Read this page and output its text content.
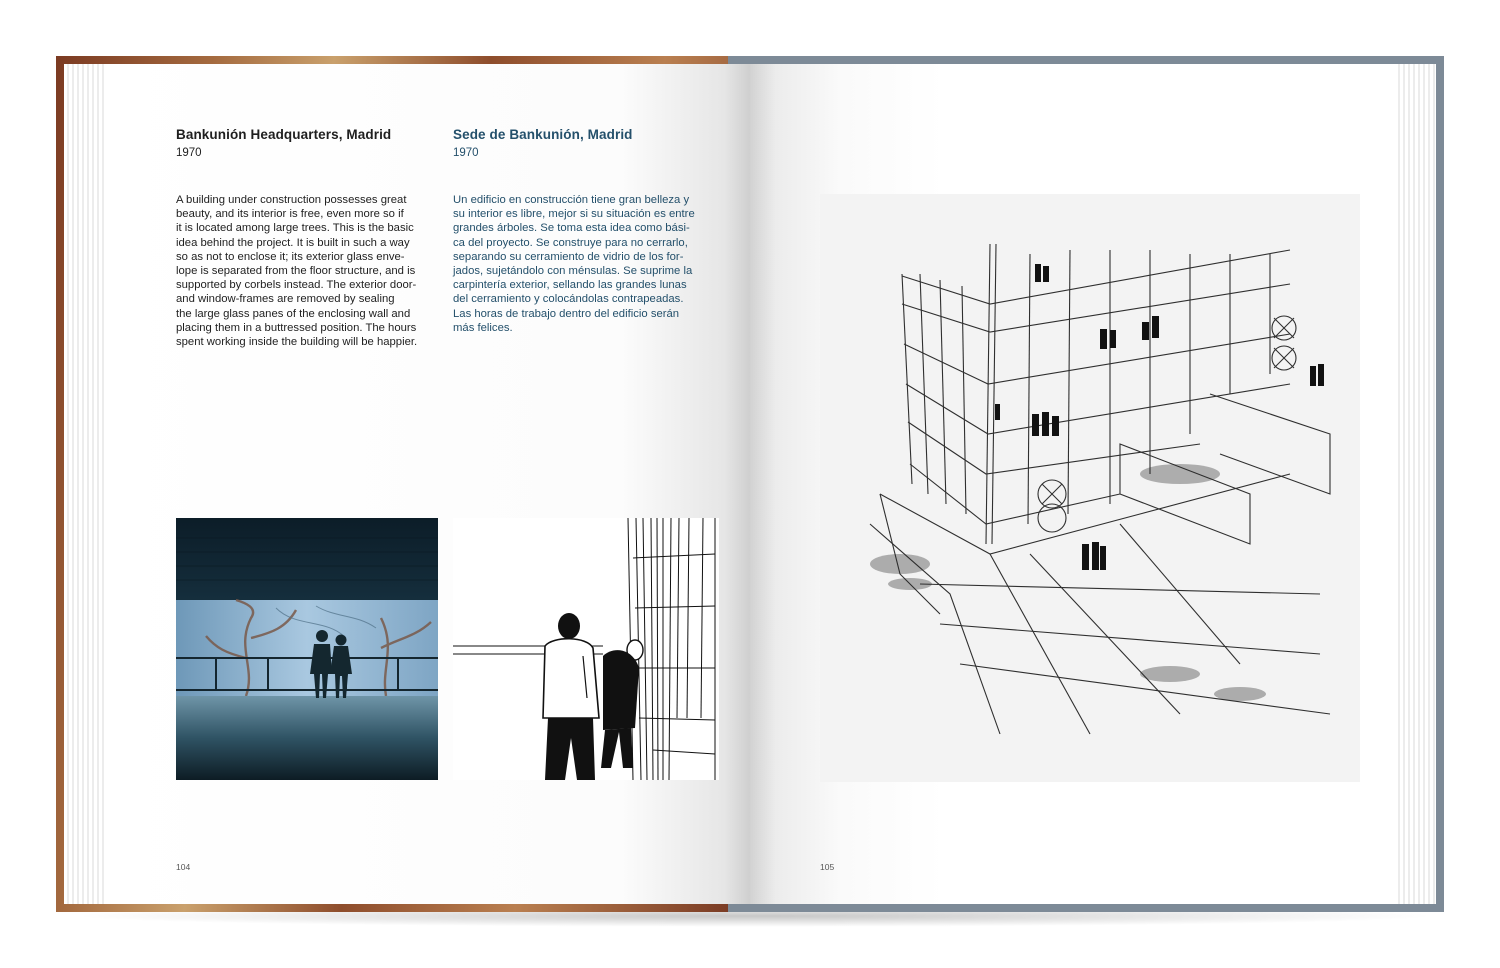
Bankunión Headquarters, Madrid
1970
Sede de Bankunión, Madrid
1970
A building under construction possesses great
beauty, and its interior is free, even more so if
it is located among large trees. This is the basic
idea behind the project. It is built in such a way
so as not to enclose it; its exterior glass enve-
lope is separated from the floor structure, and is
supported by corbels instead. The exterior door-
and window-frames are removed by sealing
the large glass panes of the enclosing wall and
placing them in a buttressed position. The hours
spent working inside the building will be happier.
Un edificio en construcción tiene gran belleza y
su interior es libre, mejor si su situación es entre
grandes árboles. Se toma esta idea como bási-
ca del proyecto. Se construye para no cerrarlo,
separando su cerramiento de vidrio de los for-
jados, sujetándolo con ménsulas. Se suprime la
carpintería exterior, sellando las grandes lunas
del cerramiento y colocándolas contrapeadas.
Las horas de trabajo dentro del edificio serán
más felices.
104	105
